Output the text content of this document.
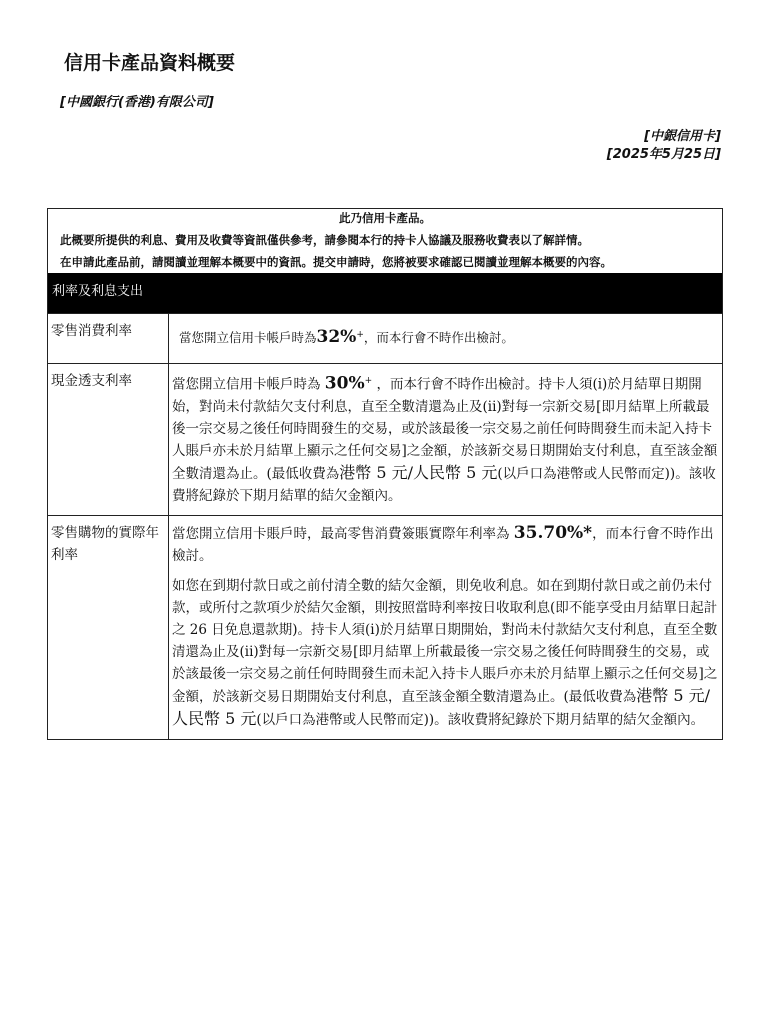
信用卡產品資料概要
[中國銀行(香港)有限公司]
[中銀信用卡]
[2025年5月25日]
此乃信用卡產品。
此概要所提供的利息、費用及收費等資訊僅供參考，請參閱本行的持卡人協議及服務收費表以了解詳情。
在申請此產品前，請閱讀並理解本概要中的資訊。提交申請時，您將被要求確認已閱讀並理解本概要的內容。
利率及利息支出
零售消費利率	當您開立信用卡帳戶時為32%+，而本行會不時作出檢討。
現金透支利率	當您開立信用卡帳戶時為 30%+ ，而本行會不時作出檢討。持卡人須(i)於月結單日期開始，對尚未付款結欠支付利息，直至全數清還為止及(ii)對每一宗新交易[即月結單上所載最後一宗交易之後任何時間發生的交易，或於該最後一宗交易之前任何時間發生而未記入持卡人賬戶亦未於月結單上顯示之任何交易]之金額，於該新交易日期開始支付利息，直至該金額全數清還為止。(最低收費為港幣 5 元/人民幣 5 元(以戶口為港幣或人民幣而定))。該收費將紀錄於下期月結單的結欠金額內。
零售購物的實際年利率

當您開立信用卡賬戶時，最高零售消費簽賬實際年利率為 35.70%*，而本行會不時作出檢討。

如您在到期付款日或之前付清全數的結欠金額，則免收利息。如在到期付款日或之前仍未付款，或所付之款項少於結欠金額，則按照當時利率按日收取利息(即不能享受由月結單日起計之 26 日免息還款期)。持卡人須(i)於月結單日期開始，對尚未付款結欠支付利息，直至全數清還為止及(ii)對每一宗新交易[即月結單上所載最後一宗交易之後任何時間發生的交易，或於該最後一宗交易之前任何時間發生而未記入持卡人賬戶亦未於月結單上顯示之任何交易]之金額，於該新交易日期開始支付利息，直至該金額全數清還為止。(最低收費為港幣 5 元/人民幣 5 元(以戶口為港幣或人民幣而定))。該收費將紀錄於下期月結單的結欠金額內。
